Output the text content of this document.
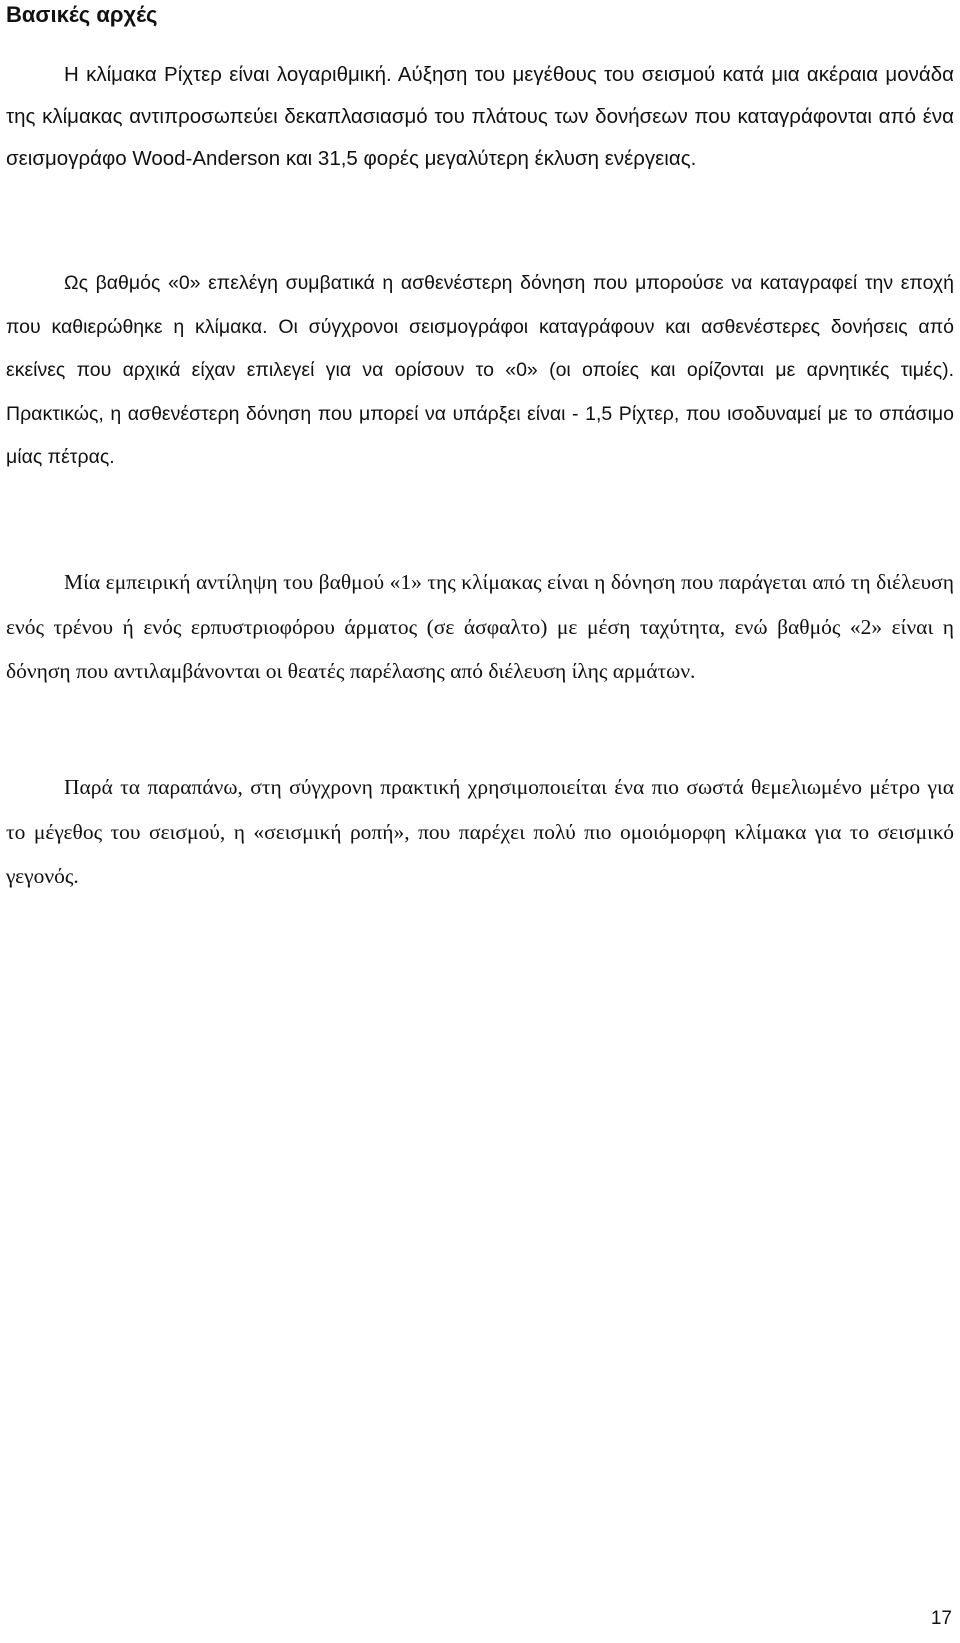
Βασικές αρχές

Η κλίμακα Ρίχτερ είναι λογαριθμική. Αύξηση του μεγέθους του σεισμού κατά μια ακέραια μονάδα της κλίμακας αντιπροσωπεύει δεκαπλασιασμό του πλάτους των δονήσεων που καταγράφονται από ένα σεισμογράφο Wood-Anderson και 31,5 φορές μεγαλύτερη έκλυση ενέργειας.

Ως βαθμός «0» επελέγη συμβατικά η ασθενέστερη δόνηση που μπορούσε να καταγραφεί την εποχή που καθιερώθηκε η κλίμακα. Οι σύγχρονοι σεισμογράφοι καταγράφουν και ασθενέστερες δονήσεις από εκείνες που αρχικά είχαν επιλεγεί για να ορίσουν το «0» (οι οποίες και ορίζονται με αρνητικές τιμές). Πρακτικώς, η ασθενέστερη δόνηση που μπορεί να υπάρξει είναι - 1,5 Ρίχτερ, που ισοδυναμεί με το σπάσιμο μίας πέτρας.

Μία εμπειρική αντίληψη του βαθμού «1» της κλίμακας είναι η δόνηση που παράγεται από τη διέλευση ενός τρένου ή ενός ερπυστριοφόρου άρματος (σε άσφαλτο) με μέση ταχύτητα, ενώ βαθμός «2» είναι η δόνηση που αντιλαμβάνονται οι θεατές παρέλασης από διέλευση ίλης αρμάτων.

Παρά τα παραπάνω, στη σύγχρονη πρακτική χρησιμοποιείται ένα πιο σωστά θεμελιωμένο μέτρο για το μέγεθος του σεισμού, η «σεισμική ροπή», που παρέχει πολύ πιο ομοιόμορφη κλίμακα για το σεισμικό γεγονός.

17
